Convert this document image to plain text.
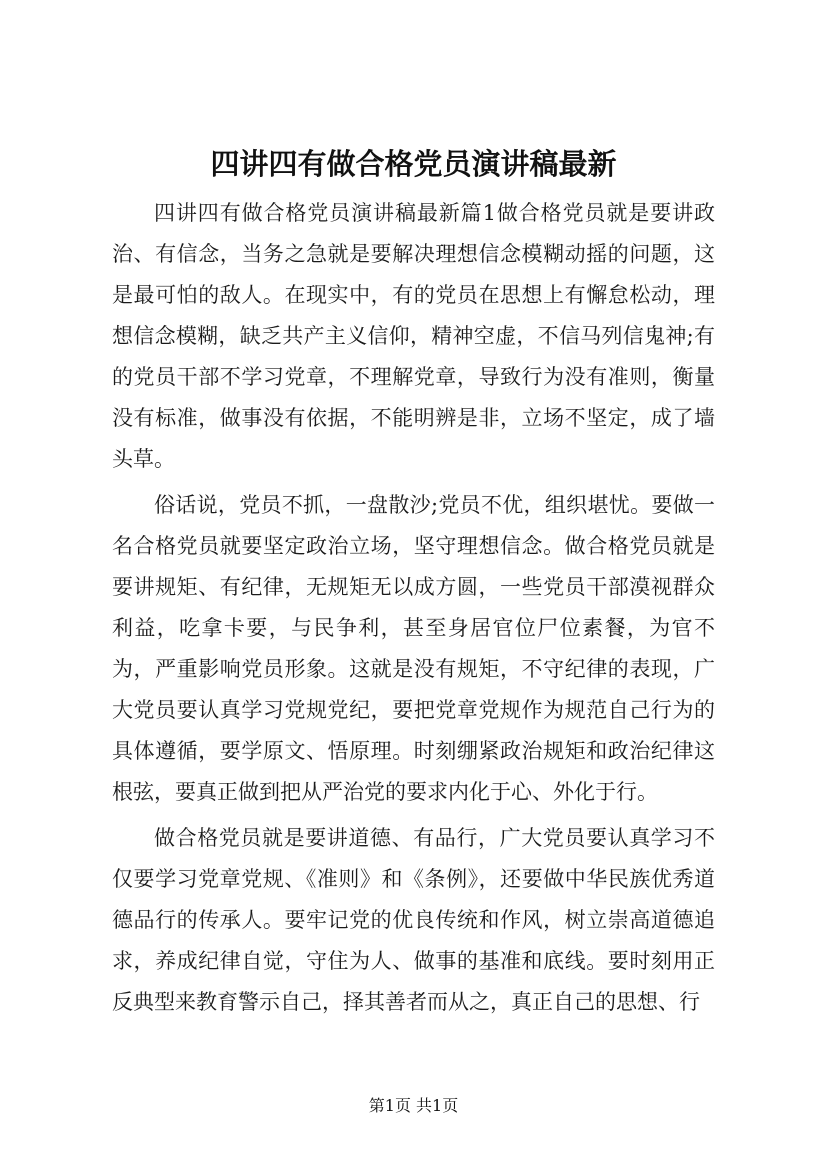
四讲四有做合格党员演讲稿最新

四讲四有做合格党员演讲稿最新篇1做合格党员就是要讲政治、有信念，当务之急就是要解决理想信念模糊动摇的问题，这是最可怕的敌人。在现实中，有的党员在思想上有懈怠松动，理想信念模糊，缺乏共产主义信仰，精神空虚，不信马列信鬼神;有的党员干部不学习党章，不理解党章，导致行为没有准则，衡量没有标准，做事没有依据，不能明辨是非，立场不坚定，成了墙头草。

俗话说，党员不抓，一盘散沙;党员不优，组织堪忧。要做一名合格党员就要坚定政治立场，坚守理想信念。做合格党员就是要讲规矩、有纪律，无规矩无以成方圆，一些党员干部漠视群众利益，吃拿卡要，与民争利，甚至身居官位尸位素餐，为官不为，严重影响党员形象。这就是没有规矩，不守纪律的表现，广大党员要认真学习党规党纪，要把党章党规作为规范自己行为的具体遵循，要学原文、悟原理。时刻绷紧政治规矩和政治纪律这根弦，要真正做到把从严治党的要求内化于心、外化于行。

做合格党员就是要讲道德、有品行，广大党员要认真学习不仅要学习党章党规、《准则》和《条例》，还要做中华民族优秀道德品行的传承人。要牢记党的优良传统和作风，树立崇高道德追求，养成纪律自觉，守住为人、做事的基准和底线。要时刻用正反典型来教育警示自己，择其善者而从之，真正自己的思想、行

第1页 共1页
